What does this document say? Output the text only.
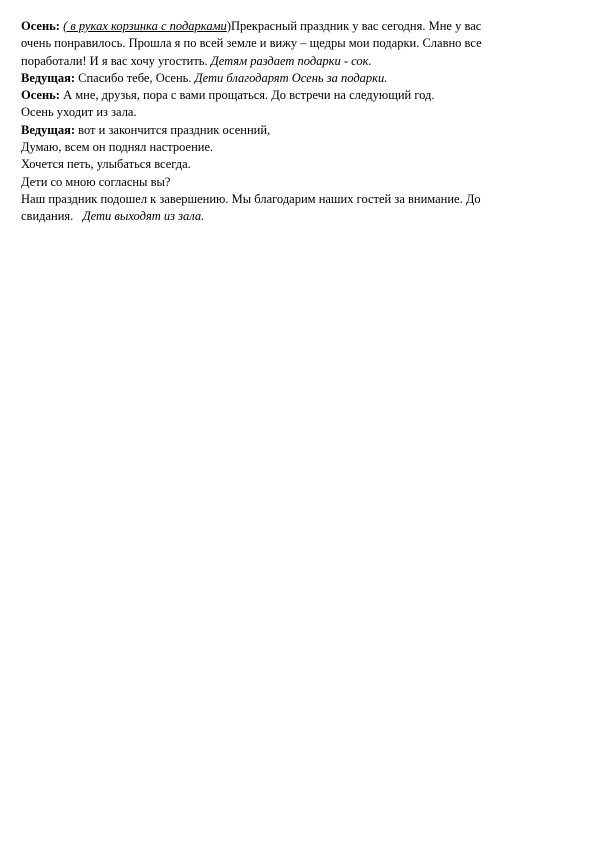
Осень: ( в руках корзинка с подарками)Прекрасный праздник у вас сегодня. Мне у вас
очень понравилось. Прошла я по всей земле и вижу – щедры мои подарки. Славно все
поработали! И я вас хочу угостить. Детям раздает подарки - сок.
Ведущая: Спасибо тебе, Осень. Дети благодарят Осень за подарки.
Осень: А мне, друзья, пора с вами прощаться. До встречи на следующий год.
Осень уходит из зала.
Ведущая: вот и закончится праздник осенний,
Думаю, всем он поднял настроение.
Хочется петь, улыбаться всегда.
Дети со мною согласны вы?
Наш праздник подошел к завершению. Мы благодарим наших гостей за внимание. До
свидания.   Дети выходят из зала.
